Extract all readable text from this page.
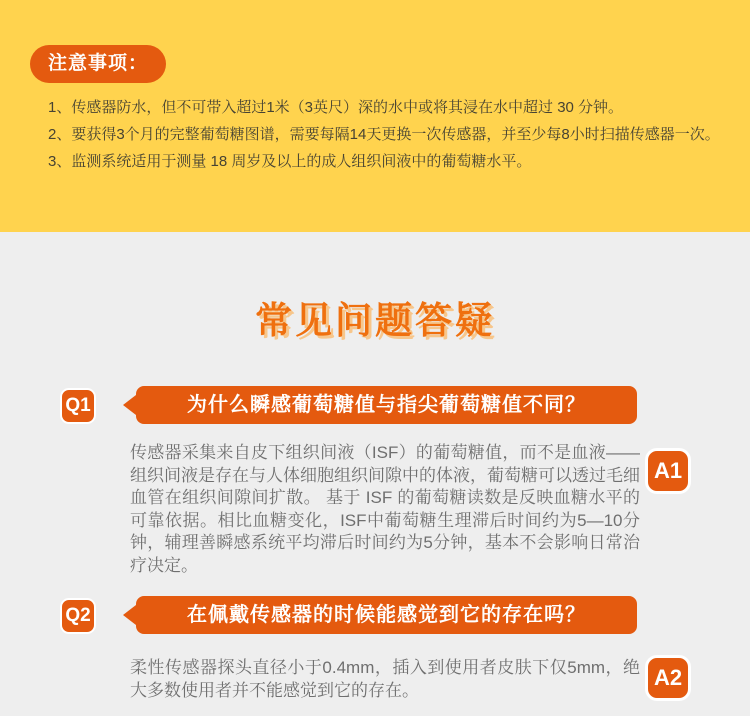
注意事项：
1、传感器防水，但不可带入超过1米（3英尺）深的水中或将其浸在水中超过 30 分钟。
2、要获得3个月的完整葡萄糖图谱，需要每隔14天更换一次传感器，并至少每8小时扫描传感器一次。
3、监测系统适用于测量 18 周岁及以上的成人组织间液中的葡萄糖水平。
常见问题答疑
Q1	为什么瞬感葡萄糖值与指尖葡萄糖值不同？

传感器采集来自皮下组织间液（ISF）的葡萄糖值，而不是血液——组织间液是存在与人体细胞组织间隙中的体液，葡萄糖可以透过毛细血管在组织间隙间扩散。 基于 ISF 的葡萄糖读数是反映血糖水平的可靠依据。相比血糖变化，ISF中葡萄糖生理滞后时间约为5—10分钟，辅理善瞬感系统平均滞后时间约为5分钟，基本不会影响日常治疗决定。

A1
Q2	在佩戴传感器的时候能感觉到它的存在吗？

柔性传感器探头直径小于0.4mm，插入到使用者皮肤下仅5mm，绝大多数使用者并不能感觉到它的存在。	A2
